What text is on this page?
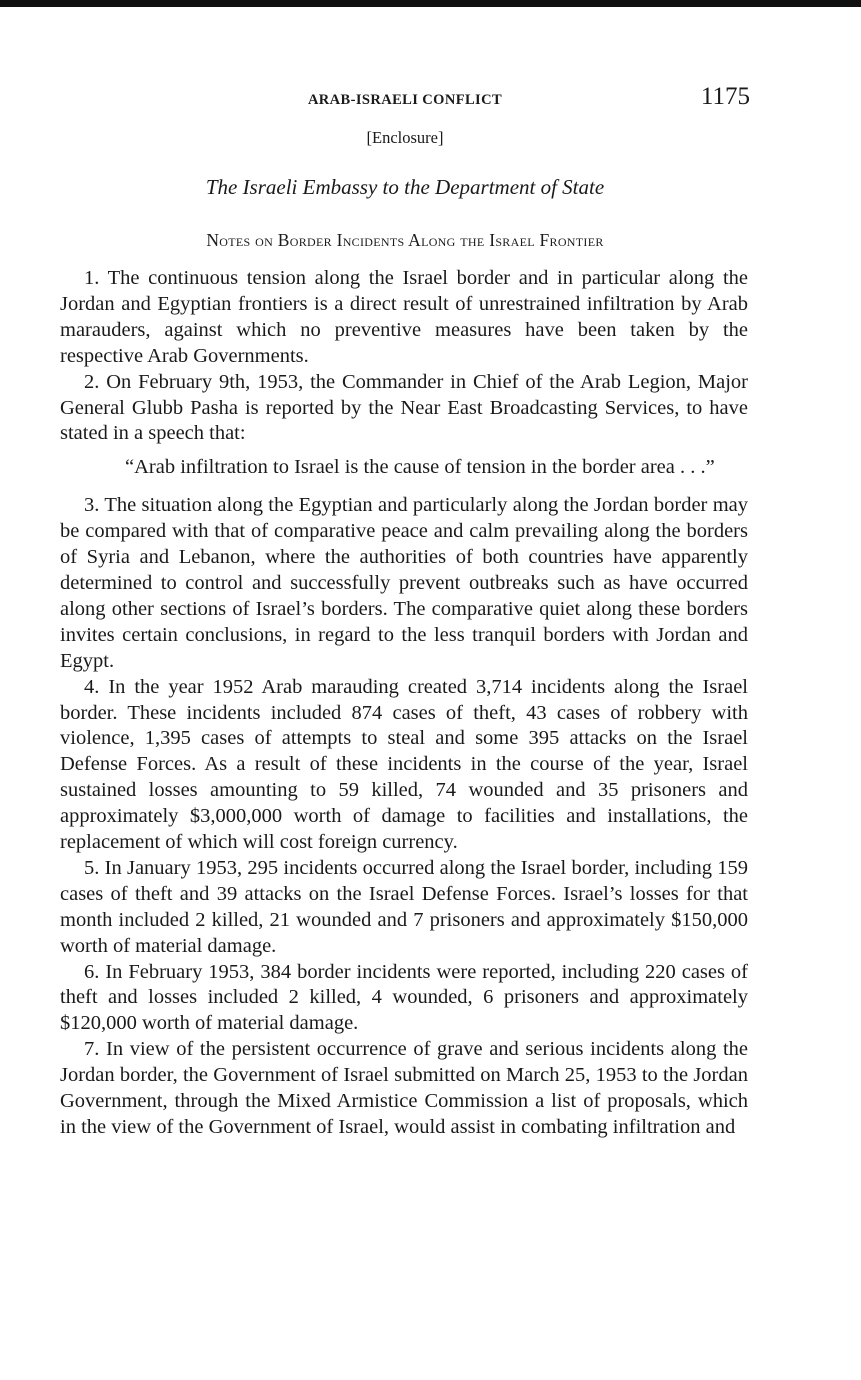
ARAB-ISRAELI CONFLICT	1175
[Enclosure]
The Israeli Embassy to the Department of State
Notes on Border Incidents Along the Israel Frontier

1. The continuous tension along the Israel border and in particular along the Jordan and Egyptian frontiers is a direct result of unrestrained infiltration by Arab marauders, against which no preventive measures have been taken by the respective Arab Governments.

2. On February 9th, 1953, the Commander in Chief of the Arab Legion, Major General Glubb Pasha is reported by the Near East Broadcasting Services, to have stated in a speech that:

“Arab infiltration to Israel is the cause of tension in the border area . . .”

3. The situation along the Egyptian and particularly along the Jordan border may be compared with that of comparative peace and calm prevailing along the borders of Syria and Lebanon, where the authorities of both countries have apparently determined to control and successfully prevent outbreaks such as have occurred along other sections of Israel’s borders. The comparative quiet along these borders invites certain conclusions, in regard to the less tranquil borders with Jordan and Egypt.

4. In the year 1952 Arab marauding created 3,714 incidents along the Israel border. These incidents included 874 cases of theft, 43 cases of robbery with violence, 1,395 cases of attempts to steal and some 395 attacks on the Israel Defense Forces. As a result of these incidents in the course of the year, Israel sustained losses amounting to 59 killed, 74 wounded and 35 prisoners and approximately $3,000,000 worth of damage to facilities and installations, the replacement of which will cost foreign currency.

5. In January 1953, 295 incidents occurred along the Israel border, including 159 cases of theft and 39 attacks on the Israel Defense Forces. Israel’s losses for that month included 2 killed, 21 wounded and 7 prisoners and approximately $150,000 worth of material damage.

6. In February 1953, 384 border incidents were reported, including 220 cases of theft and losses included 2 killed, 4 wounded, 6 prisoners and approximately $120,000 worth of material damage.

7. In view of the persistent occurrence of grave and serious incidents along the Jordan border, the Government of Israel submitted on March 25, 1953 to the Jordan Government, through the Mixed Armistice Commission a list of proposals, which in the view of the Government of Israel, would assist in combating infiltration and
